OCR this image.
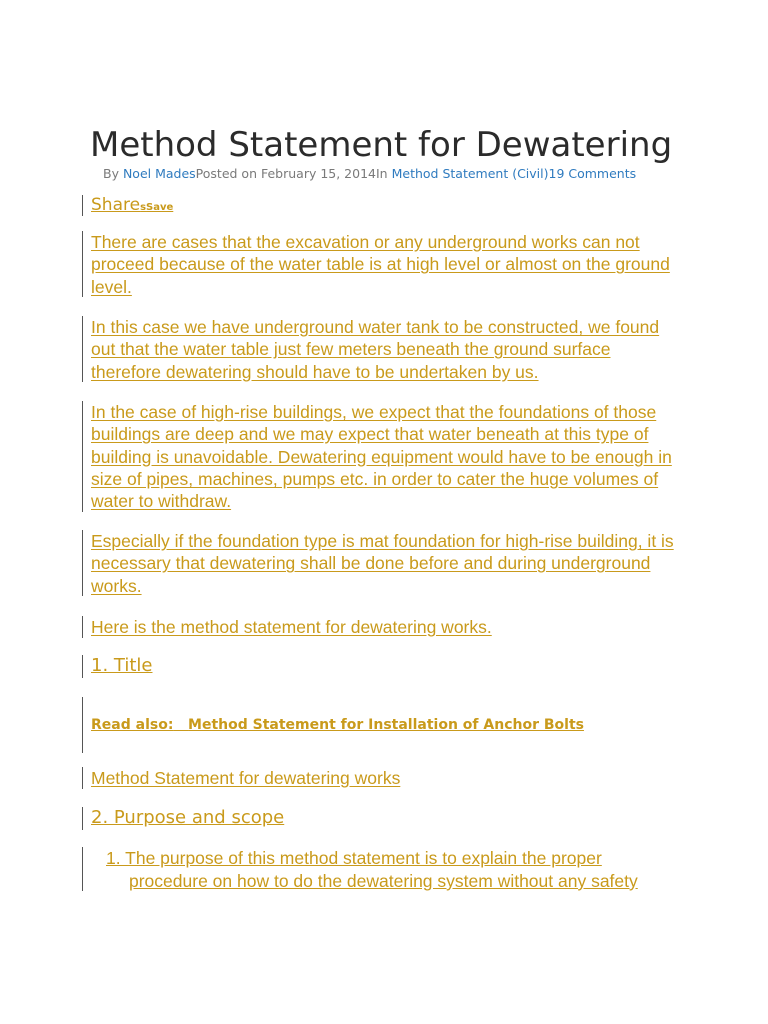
Method Statement for Dewatering
By Noel MadesPosted on February 15, 2014In Method Statement (Civil)19 Comments
SharesSave

There are cases that the excavation or any underground works can not proceed because of the water table is at high level or almost on the ground level.

In this case we have underground water tank to be constructed, we found out that the water table just few meters beneath the ground surface therefore dewatering should have to be undertaken by us.

In the case of high-rise buildings, we expect that the foundations of those buildings are deep and we may expect that water beneath at this type of building is unavoidable. Dewatering equipment would have to be enough in size of pipes, machines, pumps etc. in order to cater the huge volumes of water to withdraw.

Especially if the foundation type is mat foundation for high-rise building, it is necessary that dewatering shall be done before and during underground works.

Here is the method statement for dewatering works.

1. Title

Read also: Method Statement for Installation of Anchor Bolts

Method Statement for dewatering works

2. Purpose and scope

1. The purpose of this method statement is to explain the proper procedure on how to do the dewatering system without any safety
